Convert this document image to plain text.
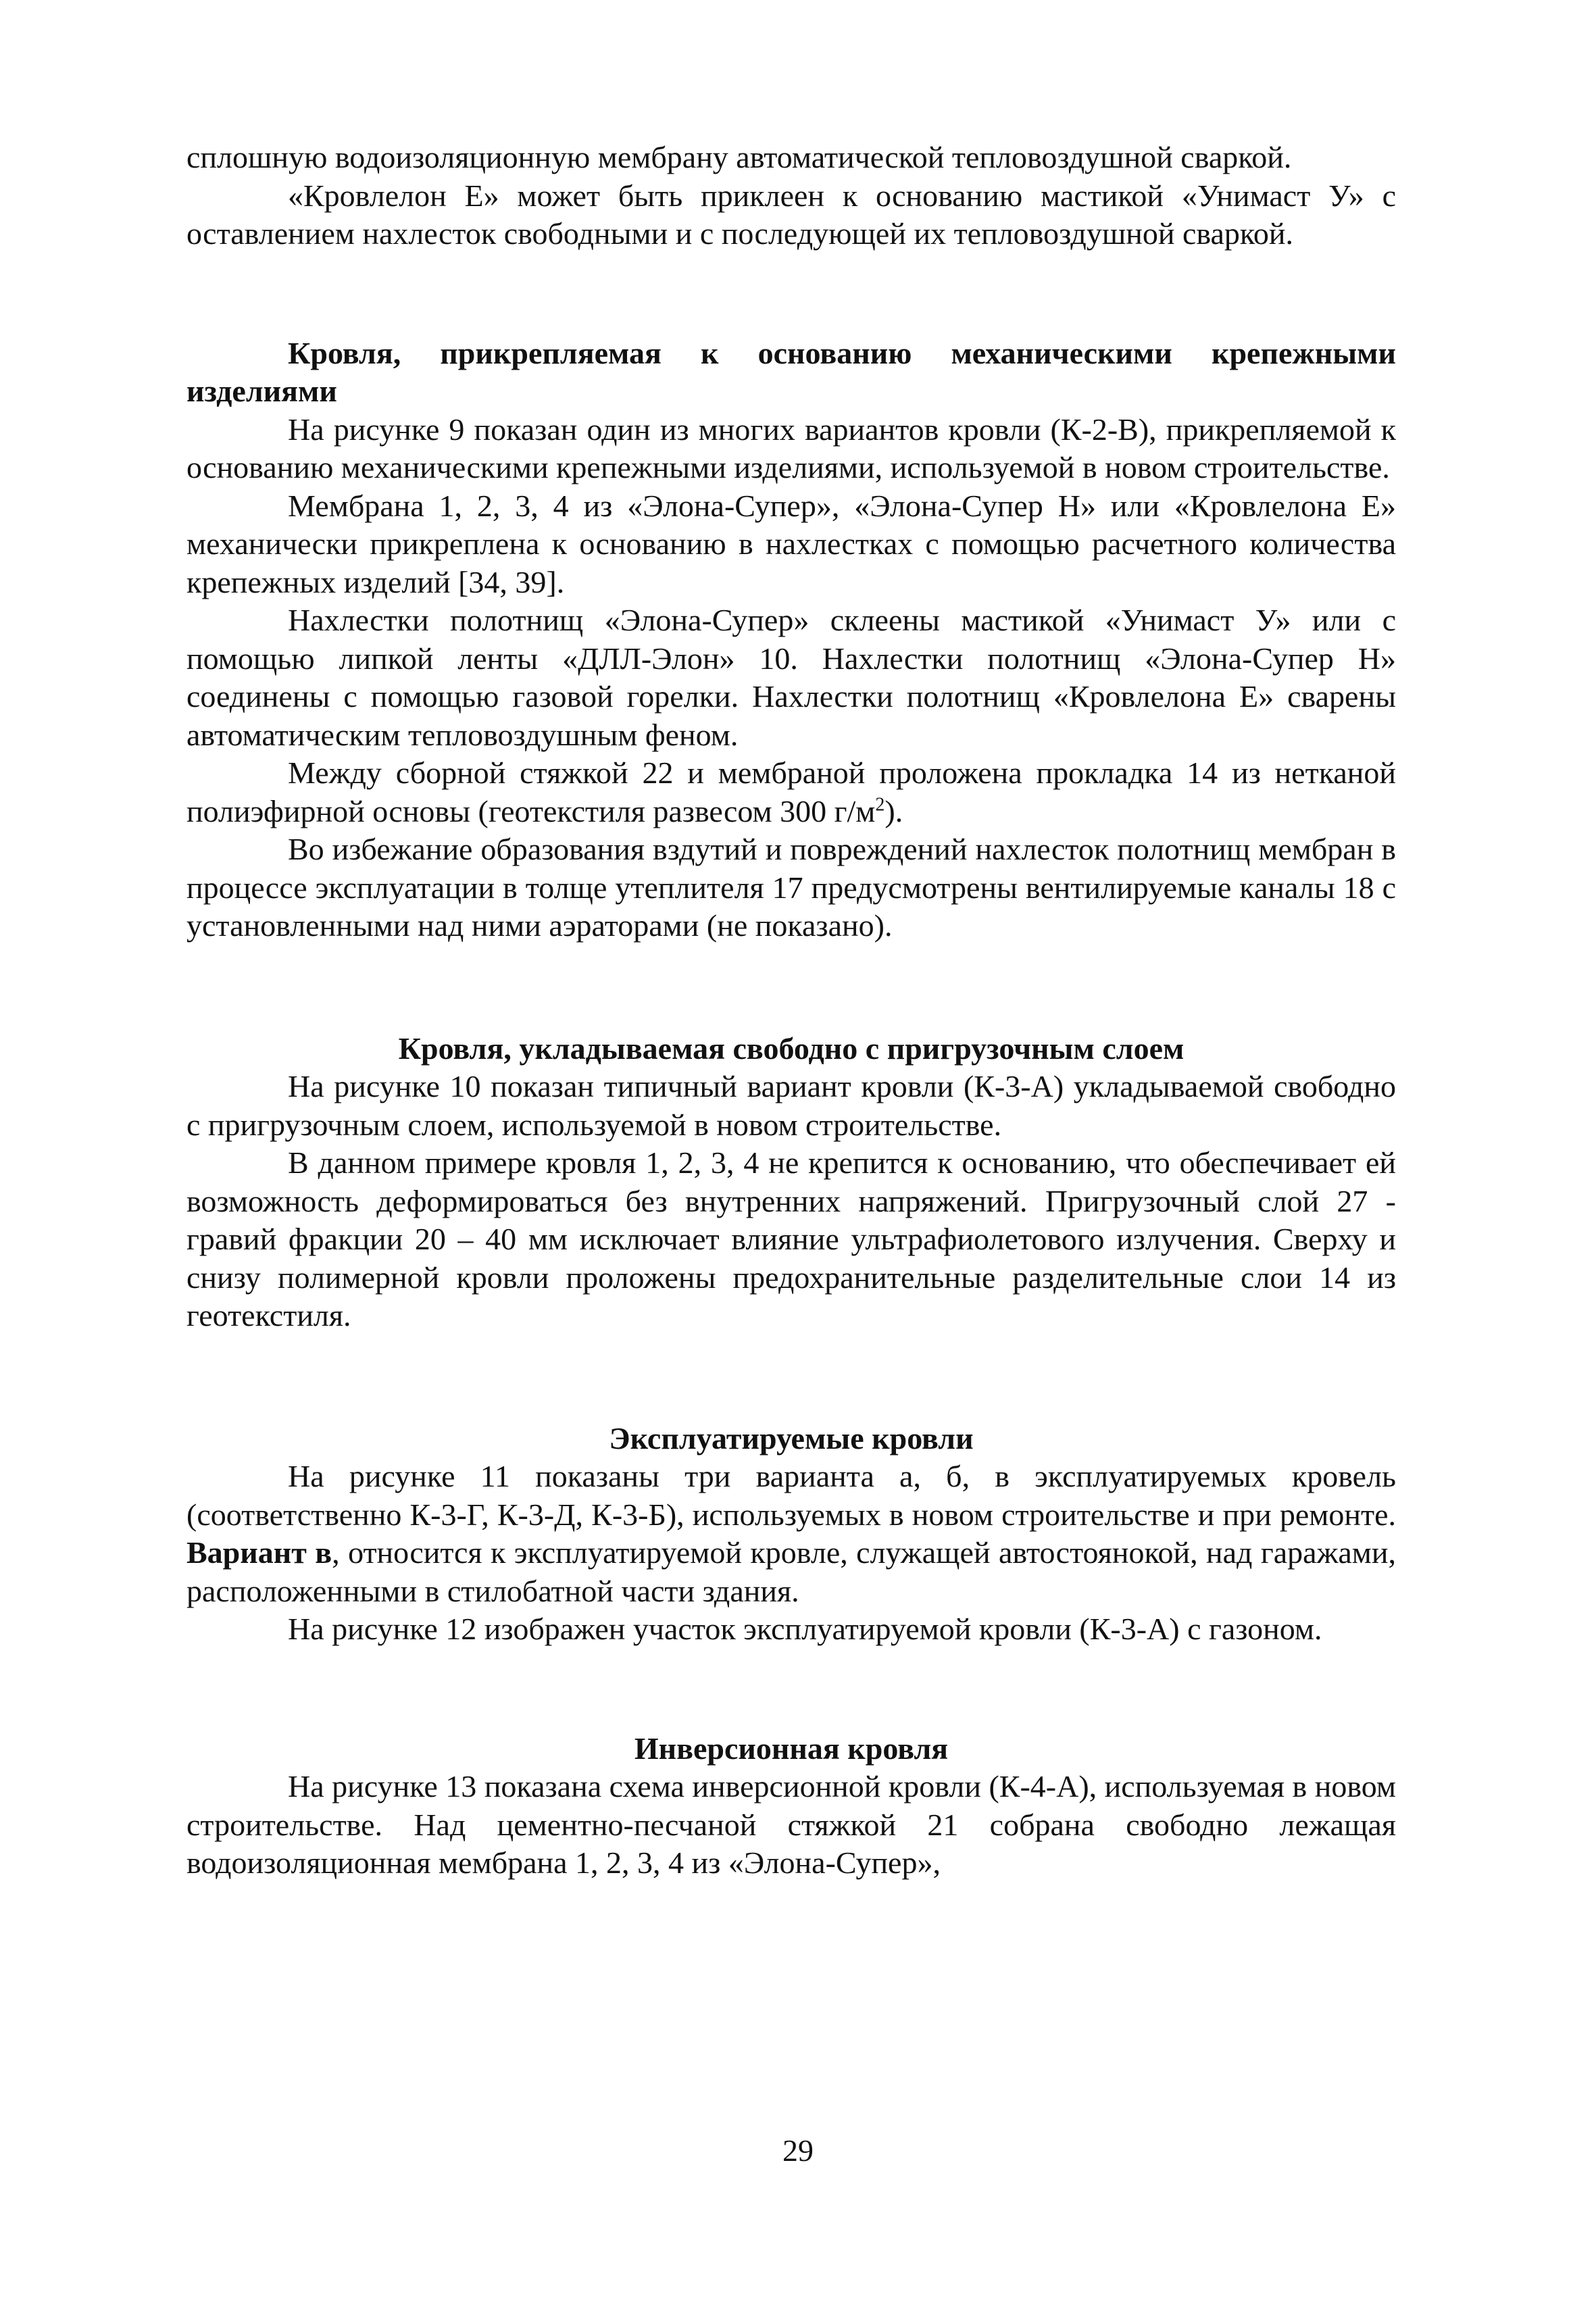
сплошную водоизоляционную мембрану автоматической тепловоздушной сваркой.

«Кровлелон Е» может быть приклеен к основанию мастикой «Унимаст У» с оставлением нахлесток свободными и с последующей их тепловоздушной сваркой.

Кровля, прикрепляемая к основанию механическими крепежными изделиями

На рисунке 9 показан один из многих вариантов кровли (К-2-В), прикрепляемой к основанию механическими крепежными изделиями, используемой в новом строительстве.

Мембрана 1, 2, 3, 4 из «Элона-Супер», «Элона-Супер Н» или «Кровлелона Е» механически прикреплена к основанию в нахлестках с помощью расчетного количества крепежных изделий [34, 39].

Нахлестки полотнищ «Элона-Супер» склеены мастикой «Унимаст У» или с помощью липкой ленты «ДЛЛ-Элон» 10. Нахлестки полотнищ «Элона-Супер Н» соединены с помощью газовой горелки. Нахлестки полотнищ «Кровлелона Е» сварены автоматическим тепловоздушным феном.

Между сборной стяжкой 22 и мембраной проложена прокладка 14 из нетканой полиэфирной основы (геотекстиля развесом 300 $г/м^2$).

Во избежание образования вздутий и повреждений нахлесток полотнищ мембран в процессе эксплуатации в толще утеплителя 17 предусмотрены вентилируемые каналы 18 с установленными над ними аэраторами (не показано).

Кровля, укладываемая свободно с пригрузочным слоем

На рисунке 10 показан типичный вариант кровли (К-3-А) укладываемой свободно с пригрузочным слоем, используемой в новом строительстве.

В данном примере кровля 1, 2, 3, 4 не крепится к основанию, что обеспечивает ей возможность деформироваться без внутренних напряжений. Пригрузочный слой 27 - гравий фракции 20 – 40 мм исключает влияние ультрафиолетового излучения. Сверху и снизу полимерной кровли проложены предохранительные разделительные слои 14 из геотекстиля.

Эксплуатируемые кровли

На рисунке 11 показаны три варианта а, б, в эксплуатируемых кровель (соответственно К-3-Г, К-3-Д, К-3-Б), используемых в новом строительстве и при ремонте. Вариант в, относится к эксплуатируемой кровле, служащей автостоянокой, над гаражами, расположенными в стилобатной части здания.

На рисунке 12 изображен участок эксплуатируемой кровли (К-3-А) с газоном.

Инверсионная кровля

На рисунке 13 показана схема инверсионной кровли (К-4-А), используемая в новом строительстве. Над цементно-песчаной стяжкой 21 собрана свободно лежащая водоизоляционная мембрана 1, 2, 3, 4 из «Элона-Супер»,

29
